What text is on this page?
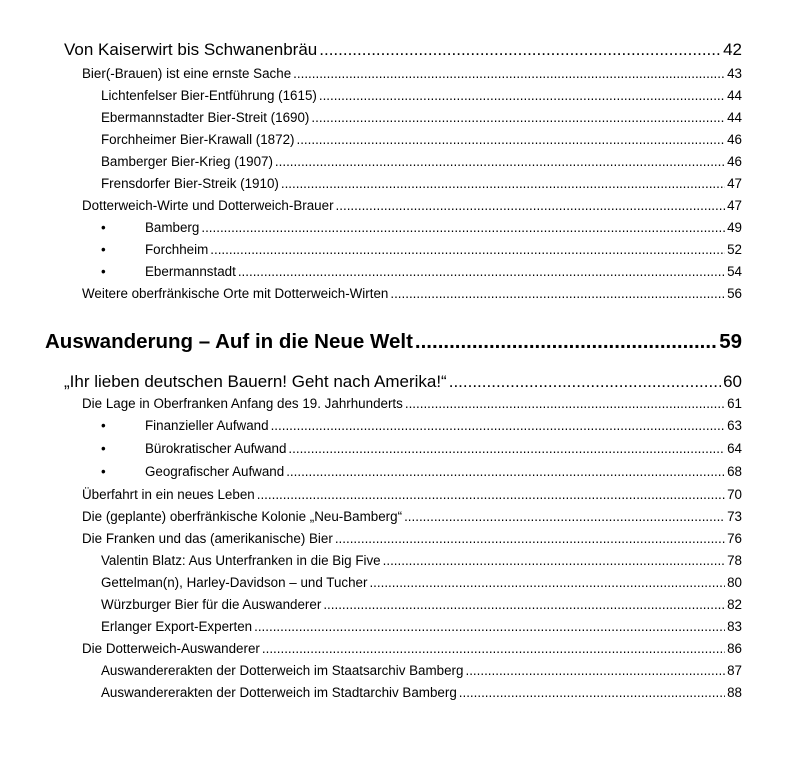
Von Kaiserwirt bis Schwanenbräu .....	42
Bier(-Brauen) ist eine ernste Sache .....	43
Lichtenfelser Bier-Entführung (1615) .....	44
Ebermannstadter Bier-Streit (1690) .....	44
Forchheimer Bier-Krawall (1872) .....	46
Bamberger Bier-Krieg (1907) .....	46
Frensdorfer Bier-Streik (1910) .....	47
Dotterweich-Wirte und Dotterweich-Brauer .....	47
•
Bamberg .....	49
•
Forchheim .....	52
•
Ebermannstadt .....	54
Weitere oberfränkische Orte mit Dotterweich-Wirten .....	56
Auswanderung – Auf in die Neue Welt .....	59
„Ihr lieben deutschen Bauern! Geht nach Amerika!“ .....	60
Die Lage in Oberfranken Anfang des 19. Jahrhunderts .....	61
•
Finanzieller Aufwand .....	63
•
Bürokratischer Aufwand .....	64
•
Geografischer Aufwand .....	68
Überfahrt in ein neues Leben .....	70
Die (geplante) oberfränkische Kolonie „Neu-Bamberg“ .....	73
Die Franken und das (amerikanische) Bier .....	76
Valentin Blatz: Aus Unterfranken in die Big Five .....	78
Gettelman(n), Harley-Davidson – und Tucher .....	80
Würzburger Bier für die Auswanderer .....	82
Erlanger Export-Experten .....	83
Die Dotterweich-Auswanderer .....	86
Auswandererakten der Dotterweich im Staatsarchiv Bamberg .....	87
Auswandererakten der Dotterweich im Stadtarchiv Bamberg .....	88
